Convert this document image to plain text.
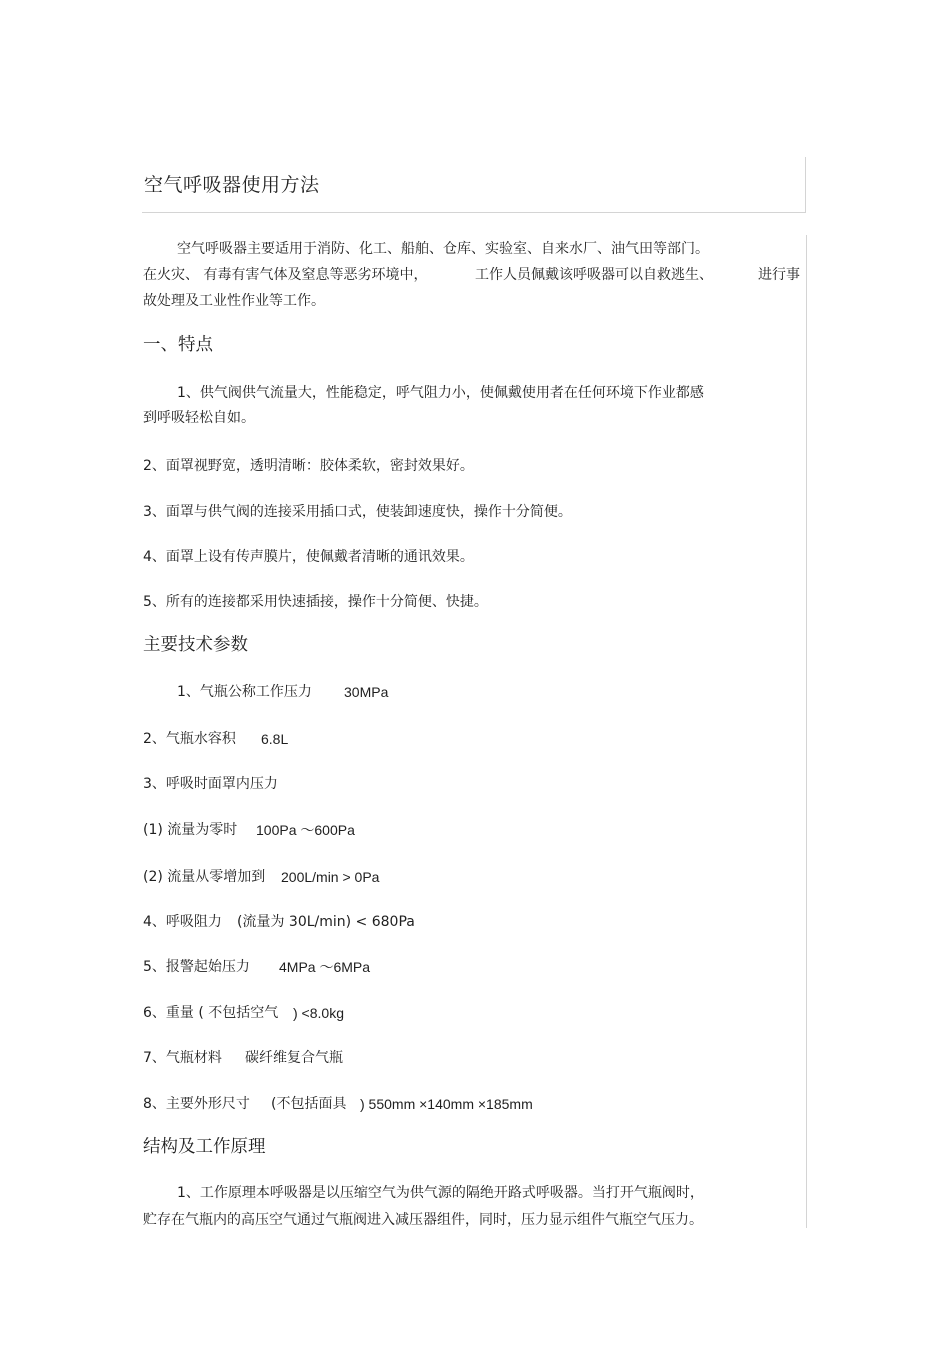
空气呼吸器使用方法
空气呼吸器主要适用于消防、化工、船舶、仓库、实验室、自来水厂、油气田等部门。
在火灾、 有毒有害气体及窒息等恶劣环境中，	工作人员佩戴该呼吸器可以自救逃生、	进行事
故处理及工业性作业等工作。
一、特点
1、供气阀供气流量大，性能稳定，呼气阻力小，使佩戴使用者在任何环境下作业都感
到呼吸轻松自如。
2、面罩视野宽，透明清晰：胶体柔软，密封效果好。
3、面罩与供气阀的连接采用插口式，使装卸速度快，操作十分简便。
4、面罩上设有传声膜片，使佩戴者清晰的通讯效果。
5、所有的连接都采用快速插接，操作十分简便、快捷。
主要技术参数
1、气瓶公称工作压力 30MPa
2、气瓶水容积 6.8L
3、呼吸时面罩内压力
(1) 流量为零时 100Pa ～600Pa
(2) 流量从零增加到 200L/min > 0Pa
4、呼吸阻力 (流量为 30L/min) < 680Pa
5、报警起始压力 4MPa ～6MPa
6、重量 ( 不包括空气 ) <8.0kg
7、气瓶材料 碳纤维复合气瓶
8、主要外形尺寸 (不包括面具 ) 550mm ×140mm ×185mm
结构及工作原理
1、工作原理本呼吸器是以压缩空气为供气源的隔绝开路式呼吸器。当打开气瓶阀时，
贮存在气瓶内的高压空气通过气瓶阀进入减压器组件，同时，压力显示组件气瓶空气压力。
